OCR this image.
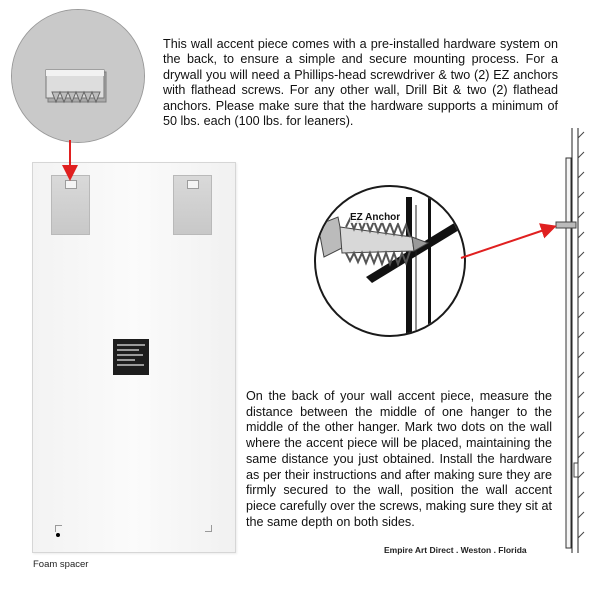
This wall accent piece comes with a pre-installed hardware system on the back, to ensure a simple and secure mounting process. For a drywall you will need a Phillips-head screwdriver & two (2) EZ anchors with flathead screws. For any other wall, Drill Bit & two (2) flathead anchors. Please make sure that the hardware supports a minimum of 50 lbs. each (100 lbs. for leaners).
Foam spacer
EZ Anchor
On the back of your wall accent piece, measure the distance between the middle of one hanger to the middle of the other hanger. Mark two dots on the wall where the accent piece will be placed, maintaining the same distance you just obtained. Install the hardware as per their instructions and after making sure they are firmly secured to the wall, position the wall accent piece carefully over the screws, making sure they sit at the same depth on both sides.
Empire Art Direct . Weston . Florida
